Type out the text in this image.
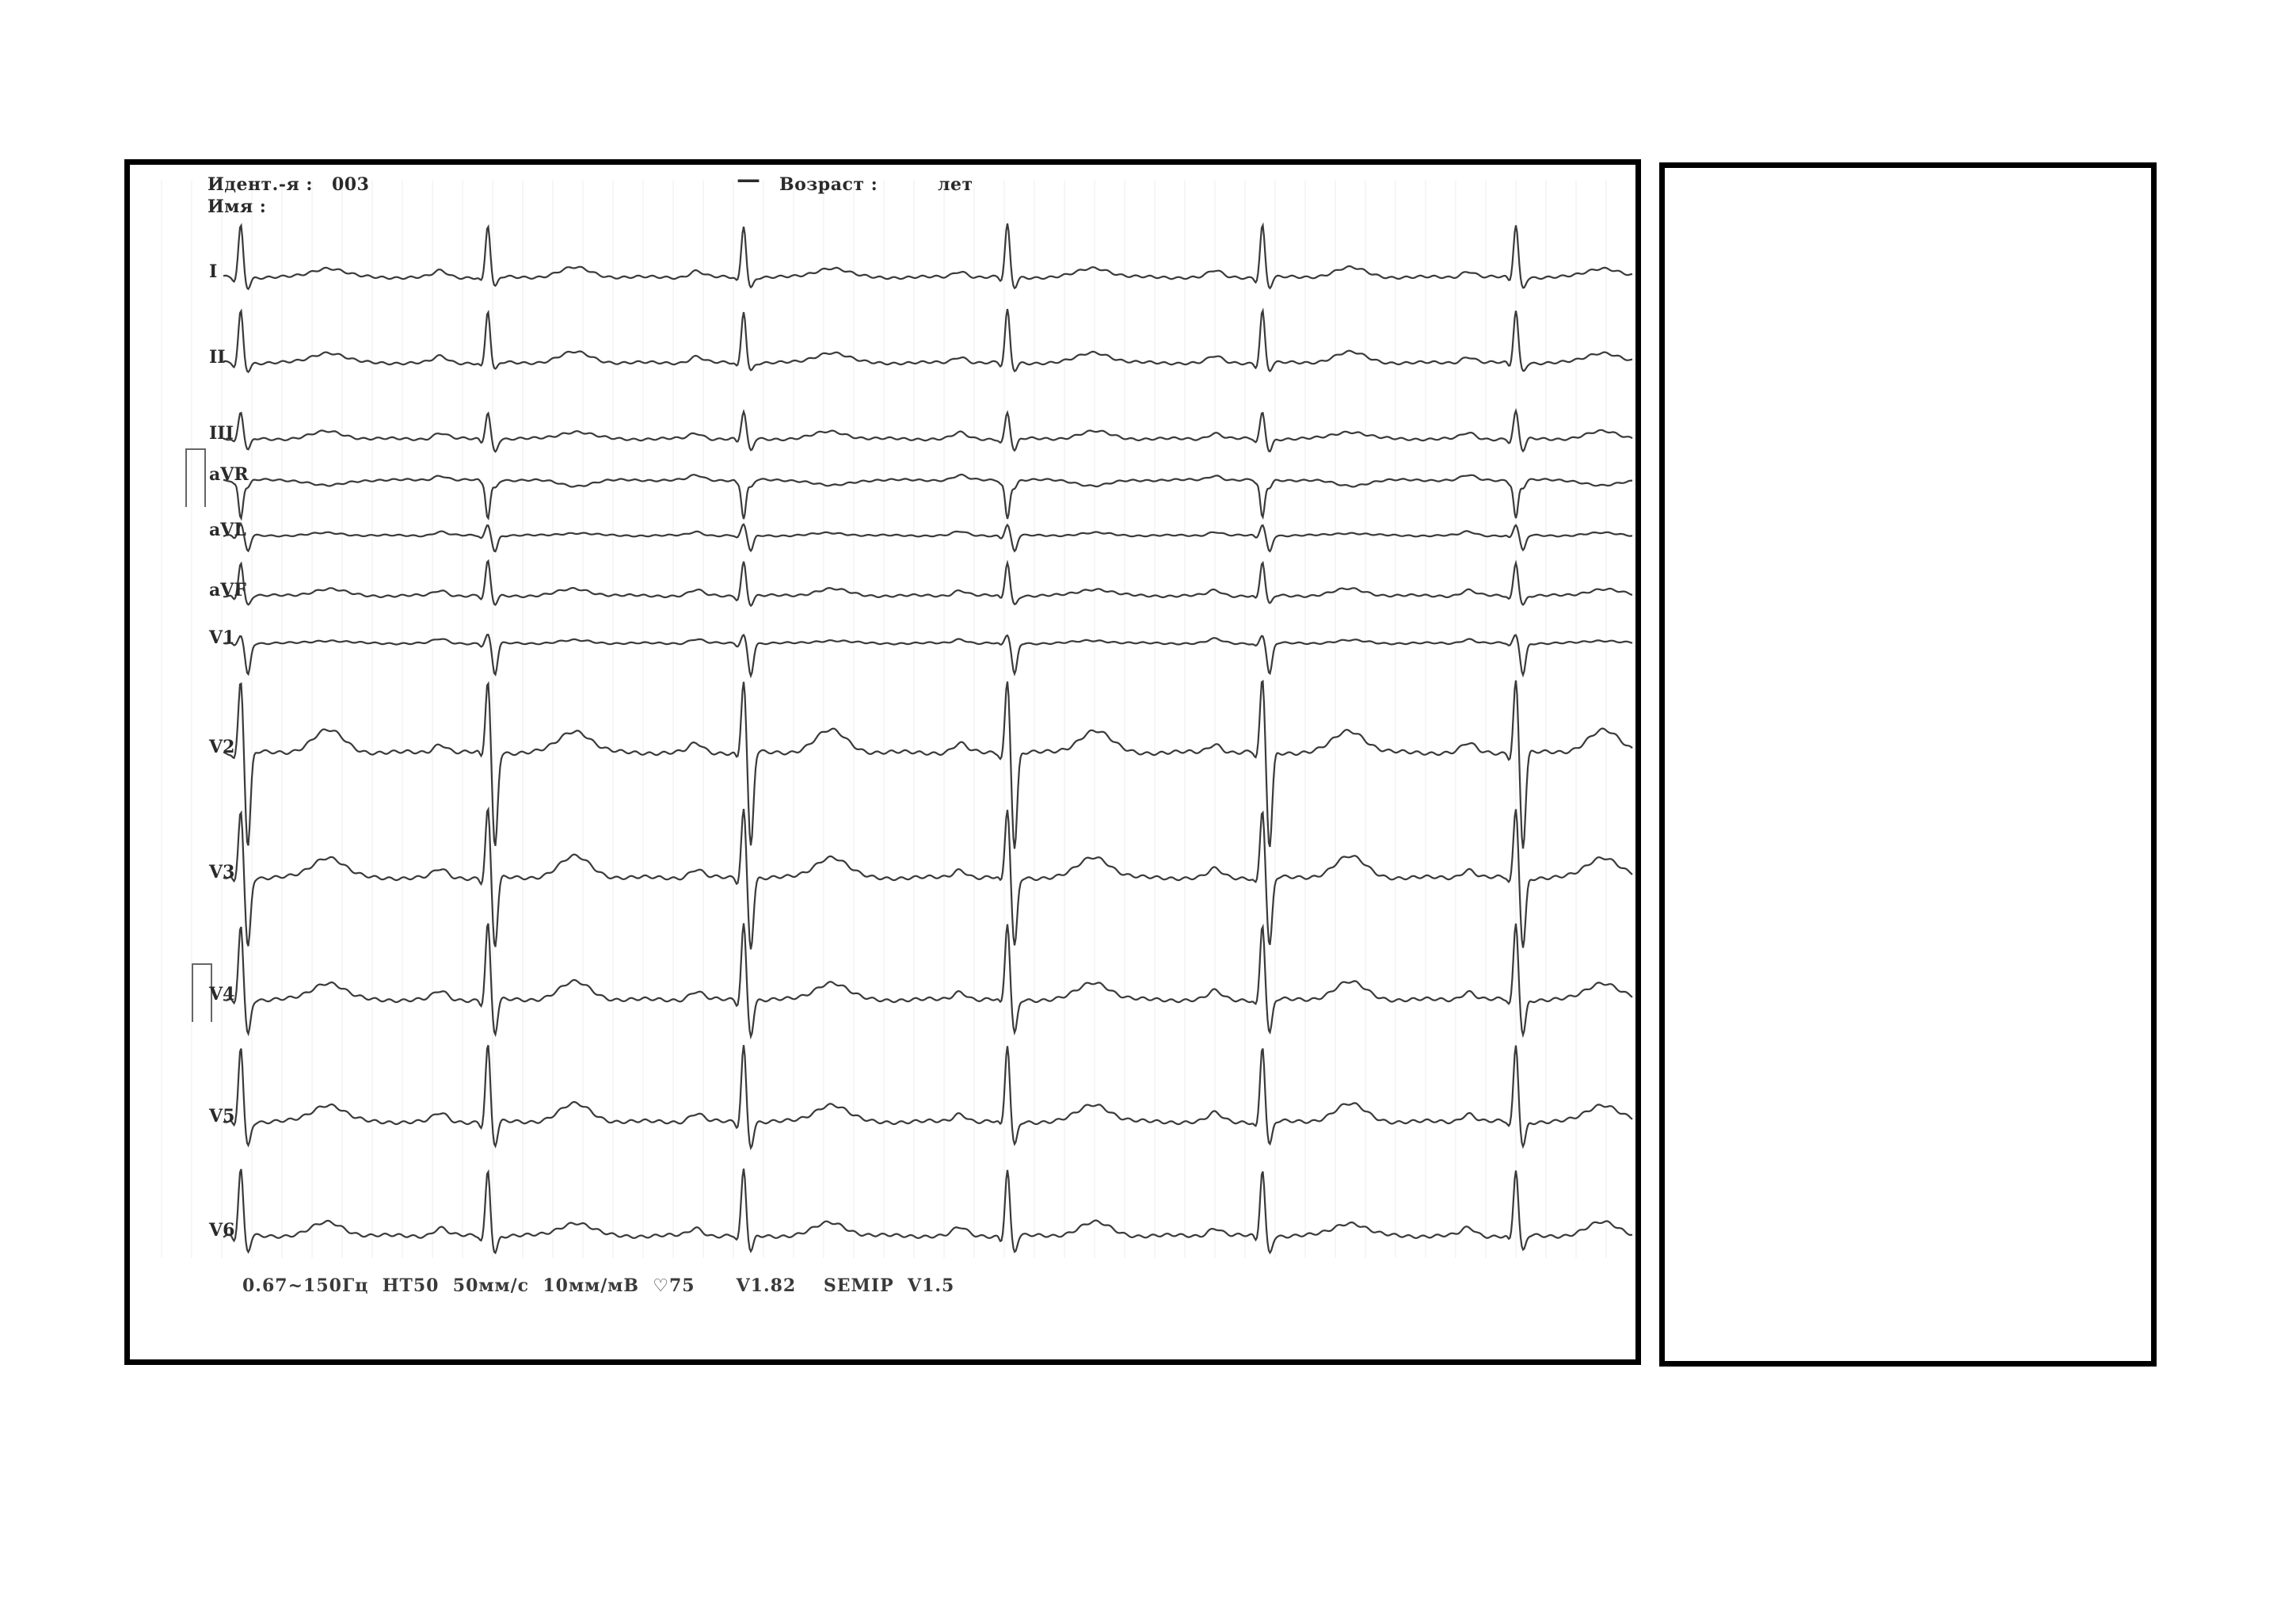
Идент.-я : 003
Имя :
— Возраст :	лет
I
II
III
aVR
aVL
aVF
V1
V2
V3
V4
V5
V6
0.67~150Гц  НТ50  50мм/с  10мм/мВ  ♡75      V1.82    SEMIP  V1.5
